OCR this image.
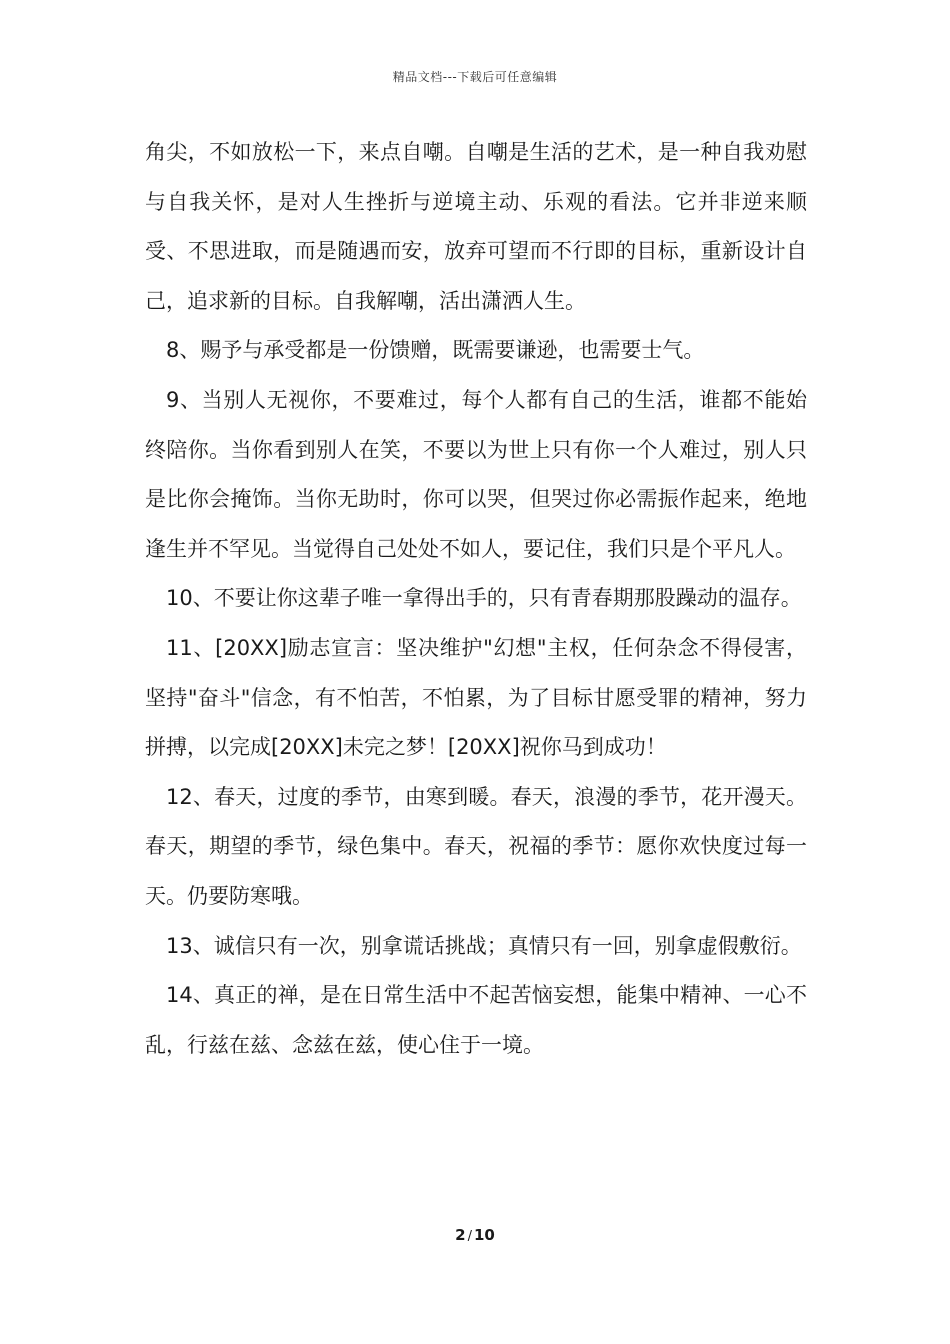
精品文档---下载后可任意编辑

角尖，不如放松一下，来点自嘲。自嘲是生活的艺术，是一种自我劝慰与自我关怀，是对人生挫折与逆境主动、乐观的看法。它并非逆来顺受、不思进取，而是随遇而安，放弃可望而不行即的目标，重新设计自己，追求新的目标。自我解嘲，活出潇洒人生。

8、赐予与承受都是一份馈赠，既需要谦逊，也需要士气。

9、当别人无视你，不要难过，每个人都有自己的生活，谁都不能始终陪你。当你看到别人在笑，不要以为世上只有你一个人难过，别人只是比你会掩饰。当你无助时，你可以哭，但哭过你必需振作起来，绝地逢生并不罕见。当觉得自己处处不如人，要记住，我们只是个平凡人。

10、不要让你这辈子唯一拿得出手的，只有青春期那股躁动的温存。

11、[20XX]励志宣言：坚决维护"幻想"主权，任何杂念不得侵害，坚持"奋斗"信念，有不怕苦，不怕累，为了目标甘愿受罪的精神，努力拼搏，以完成[20XX]未完之梦！[20XX]祝你马到成功！

12、春天，过度的季节，由寒到暖。春天，浪漫的季节，花开漫天。春天，期望的季节，绿色集中。春天，祝福的季节：愿你欢快度过每一天。仍要防寒哦。

13、诚信只有一次，别拿谎话挑战；真情只有一回，别拿虚假敷衍。

14、真正的禅，是在日常生活中不起苦恼妄想，能集中精神、一心不乱，行兹在兹、念兹在兹，使心住于一境。

2 / 10
